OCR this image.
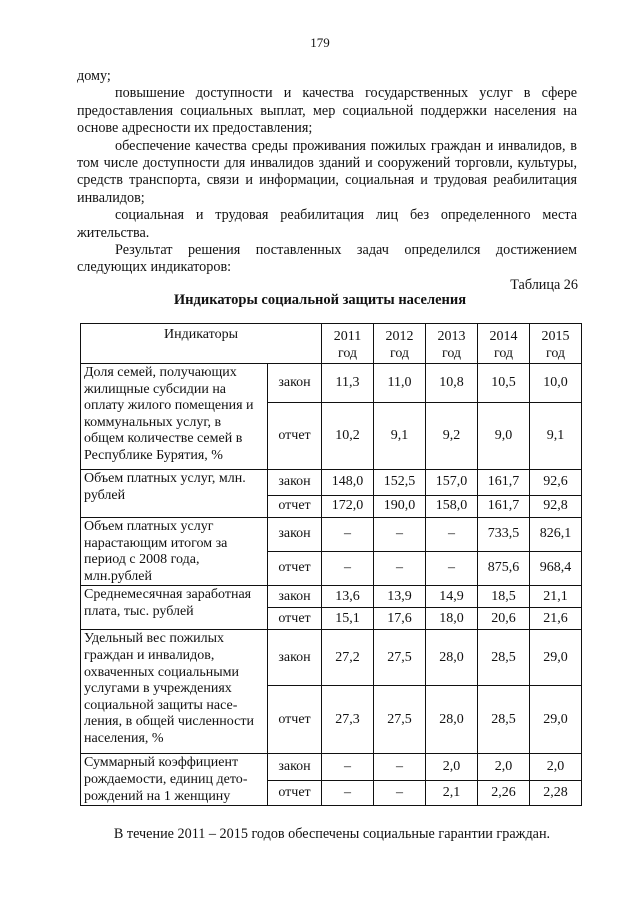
179

дому;

повышение доступности и качества государственных услуг в сфере предоставления социальных выплат, мер социальной поддержки населения на основе адресности их предоставления;

обеспечение качества среды проживания пожилых граждан и инвалидов, в том числе доступности для инвалидов зданий и сооружений торговли, культуры, средств транспорта, связи и информации, социальная и трудовая реабилитация инвалидов;

социальная и трудовая реабилитация лиц без определенного места жительства.

Результат решения поставленных задач определился достижением следующих индикаторов:

Таблица 26
Индикаторы социальной защиты населения
Индикаторы		2011 год	2012 год	2013 год	2014 год	2015 год
Доля семей, получающих жилищные субсидии на оплату жилого помещения и коммунальных услуг, в общем количестве семей в Республике Бурятия, %	закон	11,3	11,0	10,8	10,5	10,0
	отчет	10,2	9,1	9,2	9,0	9,1
Объем платных услуг, млн. рублей	закон	148,0	152,5	157,0	161,7	92,6
	отчет	172,0	190,0	158,0	161,7	92,8
Объем платных услуг нарастающим итогом за период с 2008 года, млн.рублей	закон	–	–	–	733,5	826,1
	отчет	–	–	–	875,6	968,4
Среднемесячная заработная плата, тыс. рублей	закон	13,6	13,9	14,9	18,5	21,1
	отчет	15,1	17,6	18,0	20,6	21,6
Удельный вес пожилых граждан и инвалидов, охваченных социальными услугами в учреждениях социальной защиты населения, в общей численности населения, %	закон	27,2	27,5	28,0	28,5	29,0
	отчет	27,3	27,5	28,0	28,5	29,0
Суммарный коэффициент рождаемости, единиц деторождений на 1 женщину	закон	–	–	2,0	2,0	2,0
	отчет	–	–	2,1	2,26	2,28
В течение 2011 – 2015 годов обеспечены социальные гарантии граждан.
